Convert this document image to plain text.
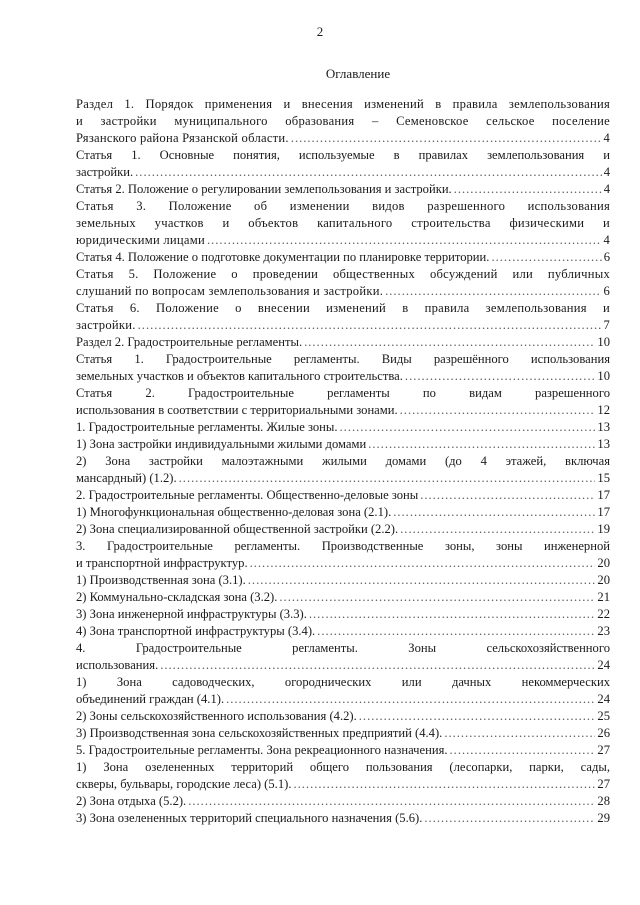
2
Оглавление
Раздел 1. Порядок применения и внесения изменений в правила землепользования
и застройки муниципального образования – Семеновское сельское поселение
Рязанского района Рязанской области. .....	4
Статья 1. Основные понятия, используемые в правилах землепользования и
застройки. .....	4
Статья 2. Положение о регулировании землепользования и застройки. .....	4
Статья 3. Положение об изменении видов разрешенного использования
земельных участков и объектов капитального строительства физическими и
юридическими лицами .....	4
Статья 4. Положение о подготовке документации по планировке территории. .....	6
Статья 5. Положение о проведении общественных обсуждений или публичных
слушаний по вопросам землепользования и застройки. .....	6
Статья 6. Положение о внесении изменений в правила землепользования и
застройки. .....	7
Раздел 2. Градостроительные регламенты. .....	10
Статья 1. Градостроительные регламенты. Виды разрешённого использования
земельных участков и объектов капитального строительства. .....	10
Статья 2. Градостроительные регламенты по видам разрешенного
использования в соответствии с территориальными зонами. .....	12
1. Градостроительные регламенты. Жилые зоны. .....	13
1) Зона застройки индивидуальными жилыми домами .....	13
2) Зона застройки малоэтажными жилыми домами (до 4 этажей, включая
мансардный) (1.2). .....	15
2. Градостроительные регламенты. Общественно-деловые зоны .....	17
1) Многофункциональная общественно-деловая зона (2.1). .....	17
2) Зона специализированной общественной застройки (2.2). .....	19
3. Градостроительные регламенты. Производственные зоны, зоны инженерной
и транспортной инфраструктур. .....	20
1) Производственная зона (3.1). .....	20
2) Коммунально-складская зона (3.2). .....	21
3) Зона инженерной инфраструктуры (3.3). .....	22
4) Зона транспортной инфраструктуры (3.4). .....	23
4. Градостроительные регламенты. Зоны сельскохозяйственного
использования. .....	24
1) Зона садоводческих, огороднических или дачных некоммерческих
объединений граждан (4.1). .....	24
2) Зоны сельскохозяйственного использования (4.2). .....	25
3) Производственная зона сельскохозяйственных предприятий (4.4). .....	26
5. Градостроительные регламенты. Зона рекреационного назначения. .....	27
1) Зона озелененных территорий общего пользования (лесопарки, парки, сады,
скверы, бульвары, городские леса) (5.1). .....	27
2) Зона отдыха (5.2). .....	28
3) Зона озелененных территорий специального назначения (5.6). .....	29
